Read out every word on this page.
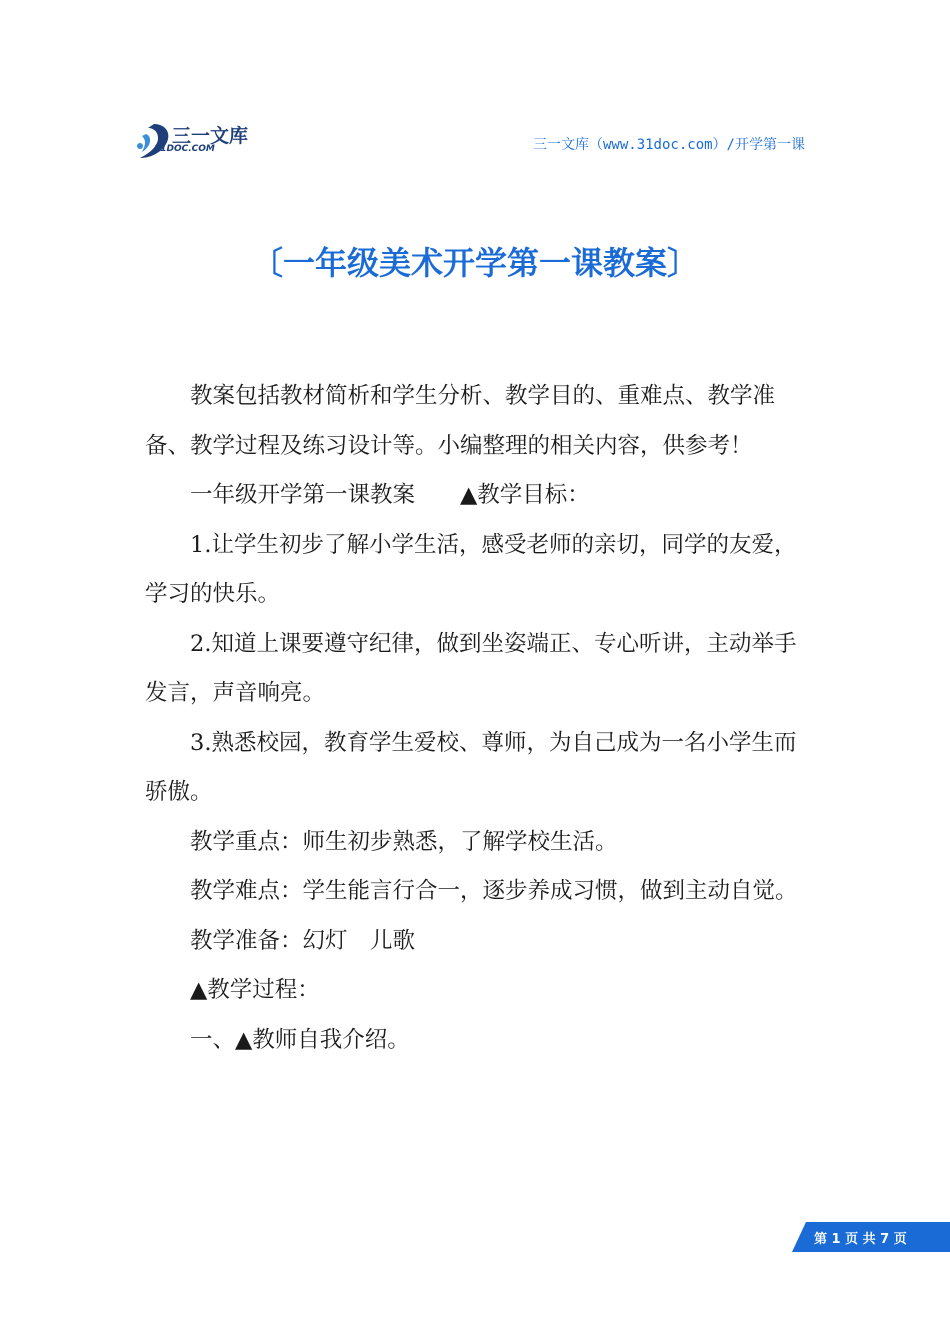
三一文库
31DOC.COM	三一文库（www.31doc.com）/开学第一课
〔一年级美术开学第一课教案〕

教案包括教材简析和学生分析、教学目的、重难点、教学准备、教学过程及练习设计等。小编整理的相关内容，供参考！

一年级开学第一课教案　　▲教学目标：

1.让学生初步了解小学生活，感受老师的亲切，同学的友爱，学习的快乐。

2.知道上课要遵守纪律，做到坐姿端正、专心听讲，主动举手发言，声音响亮。

3.熟悉校园，教育学生爱校、尊师，为自己成为一名小学生而骄傲。

教学重点：师生初步熟悉，了解学校生活。

教学难点：学生能言行合一，逐步养成习惯，做到主动自觉。

教学准备：幻灯　儿歌

▲教学过程：

一、▲教师自我介绍。

第 1 页 共 7 页
